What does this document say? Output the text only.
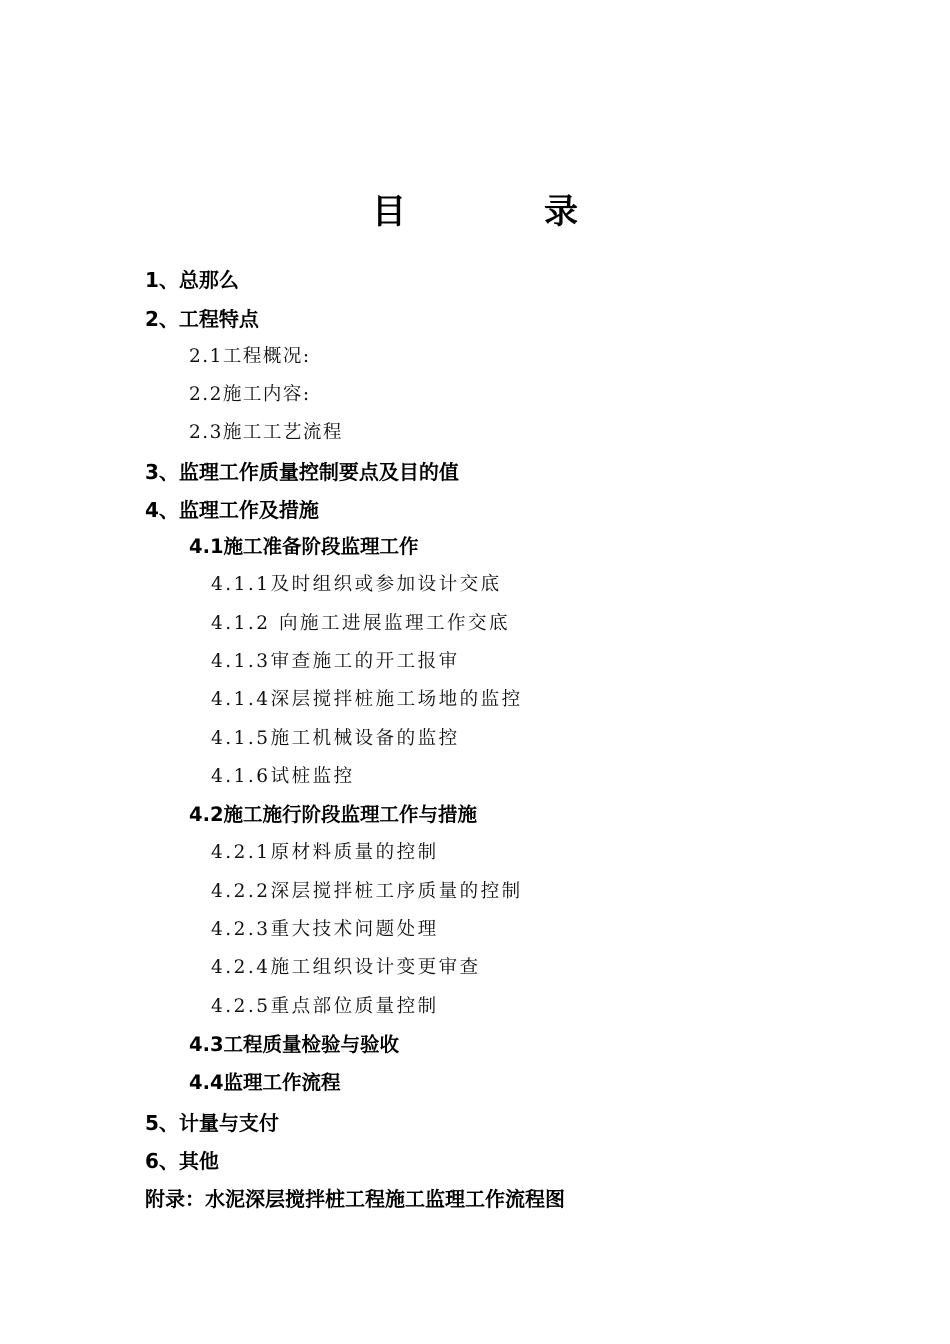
目　录
1、总那么
2、工程特点
2.1工程概况:
2.2施工内容:
2.3施工工艺流程
3、监理工作质量控制要点及目的值
4、监理工作及措施
4.1施工准备阶段监理工作
4.1.1及时组织或参加设计交底
4.1.2 向施工进展监理工作交底
4.1.3审查施工的开工报审
4.1.4深层搅拌桩施工场地的监控
4.1.5施工机械设备的监控
4.1.6试桩监控
4.2施工施行阶段监理工作与措施
4.2.1原材料质量的控制
4.2.2深层搅拌桩工序质量的控制
4.2.3重大技术问题处理
4.2.4施工组织设计变更审查
4.2.5重点部位质量控制
4.3工程质量检验与验收
4.4监理工作流程
5、计量与支付
6、其他
附录：水泥深层搅拌桩工程施工监理工作流程图
